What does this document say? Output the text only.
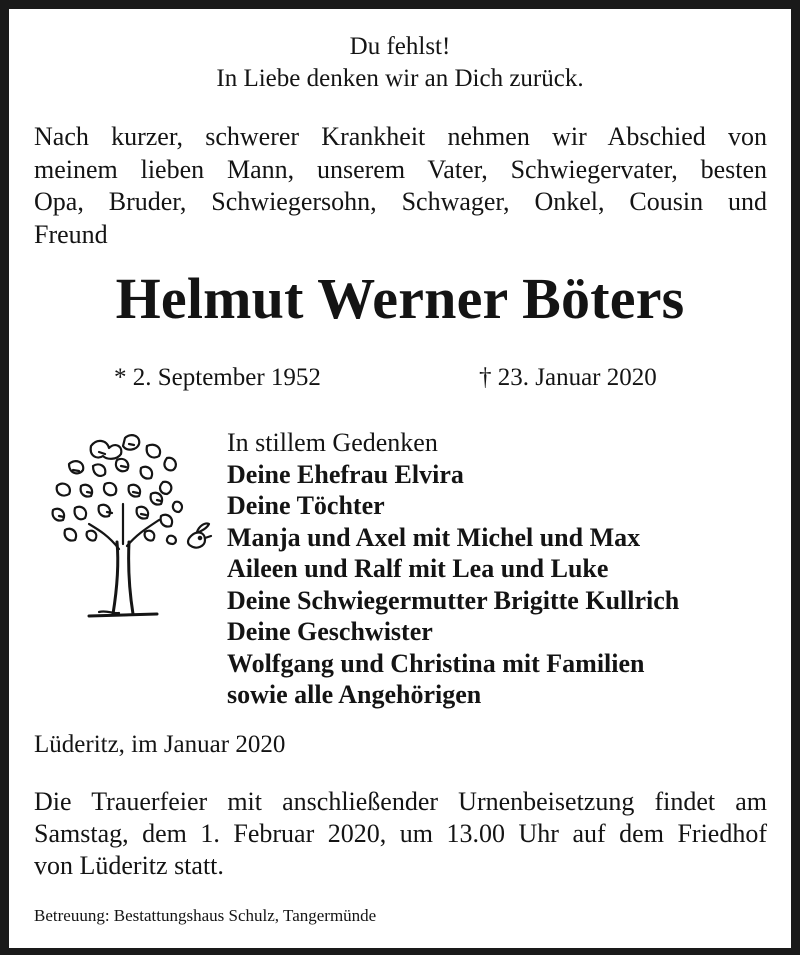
Du fehlst!
In Liebe denken wir an Dich zurück.
Nach kurzer, schwerer Krankheit nehmen wir Abschied von
meinem lieben Mann, unserem Vater, Schwiegervater, besten
Opa, Bruder, Schwiegersohn, Schwager, Onkel, Cousin und
Freund
Helmut Werner Böters
* 2. September 1952	† 23. Januar 2020
In stillem Gedenken
Deine Ehefrau Elvira
Deine Töchter
Manja und Axel mit Michel und Max
Aileen und Ralf mit Lea und Luke
Deine Schwiegermutter Brigitte Kullrich
Deine Geschwister
Wolfgang und Christina mit Familien
sowie alle Angehörigen
Lüderitz, im Januar 2020
Die Trauerfeier mit anschließender Urnenbeisetzung findet am
Samstag, dem 1. Februar 2020, um 13.00 Uhr auf dem Friedhof
von Lüderitz statt.
Betreuung: Bestattungshaus Schulz, Tangermünde
